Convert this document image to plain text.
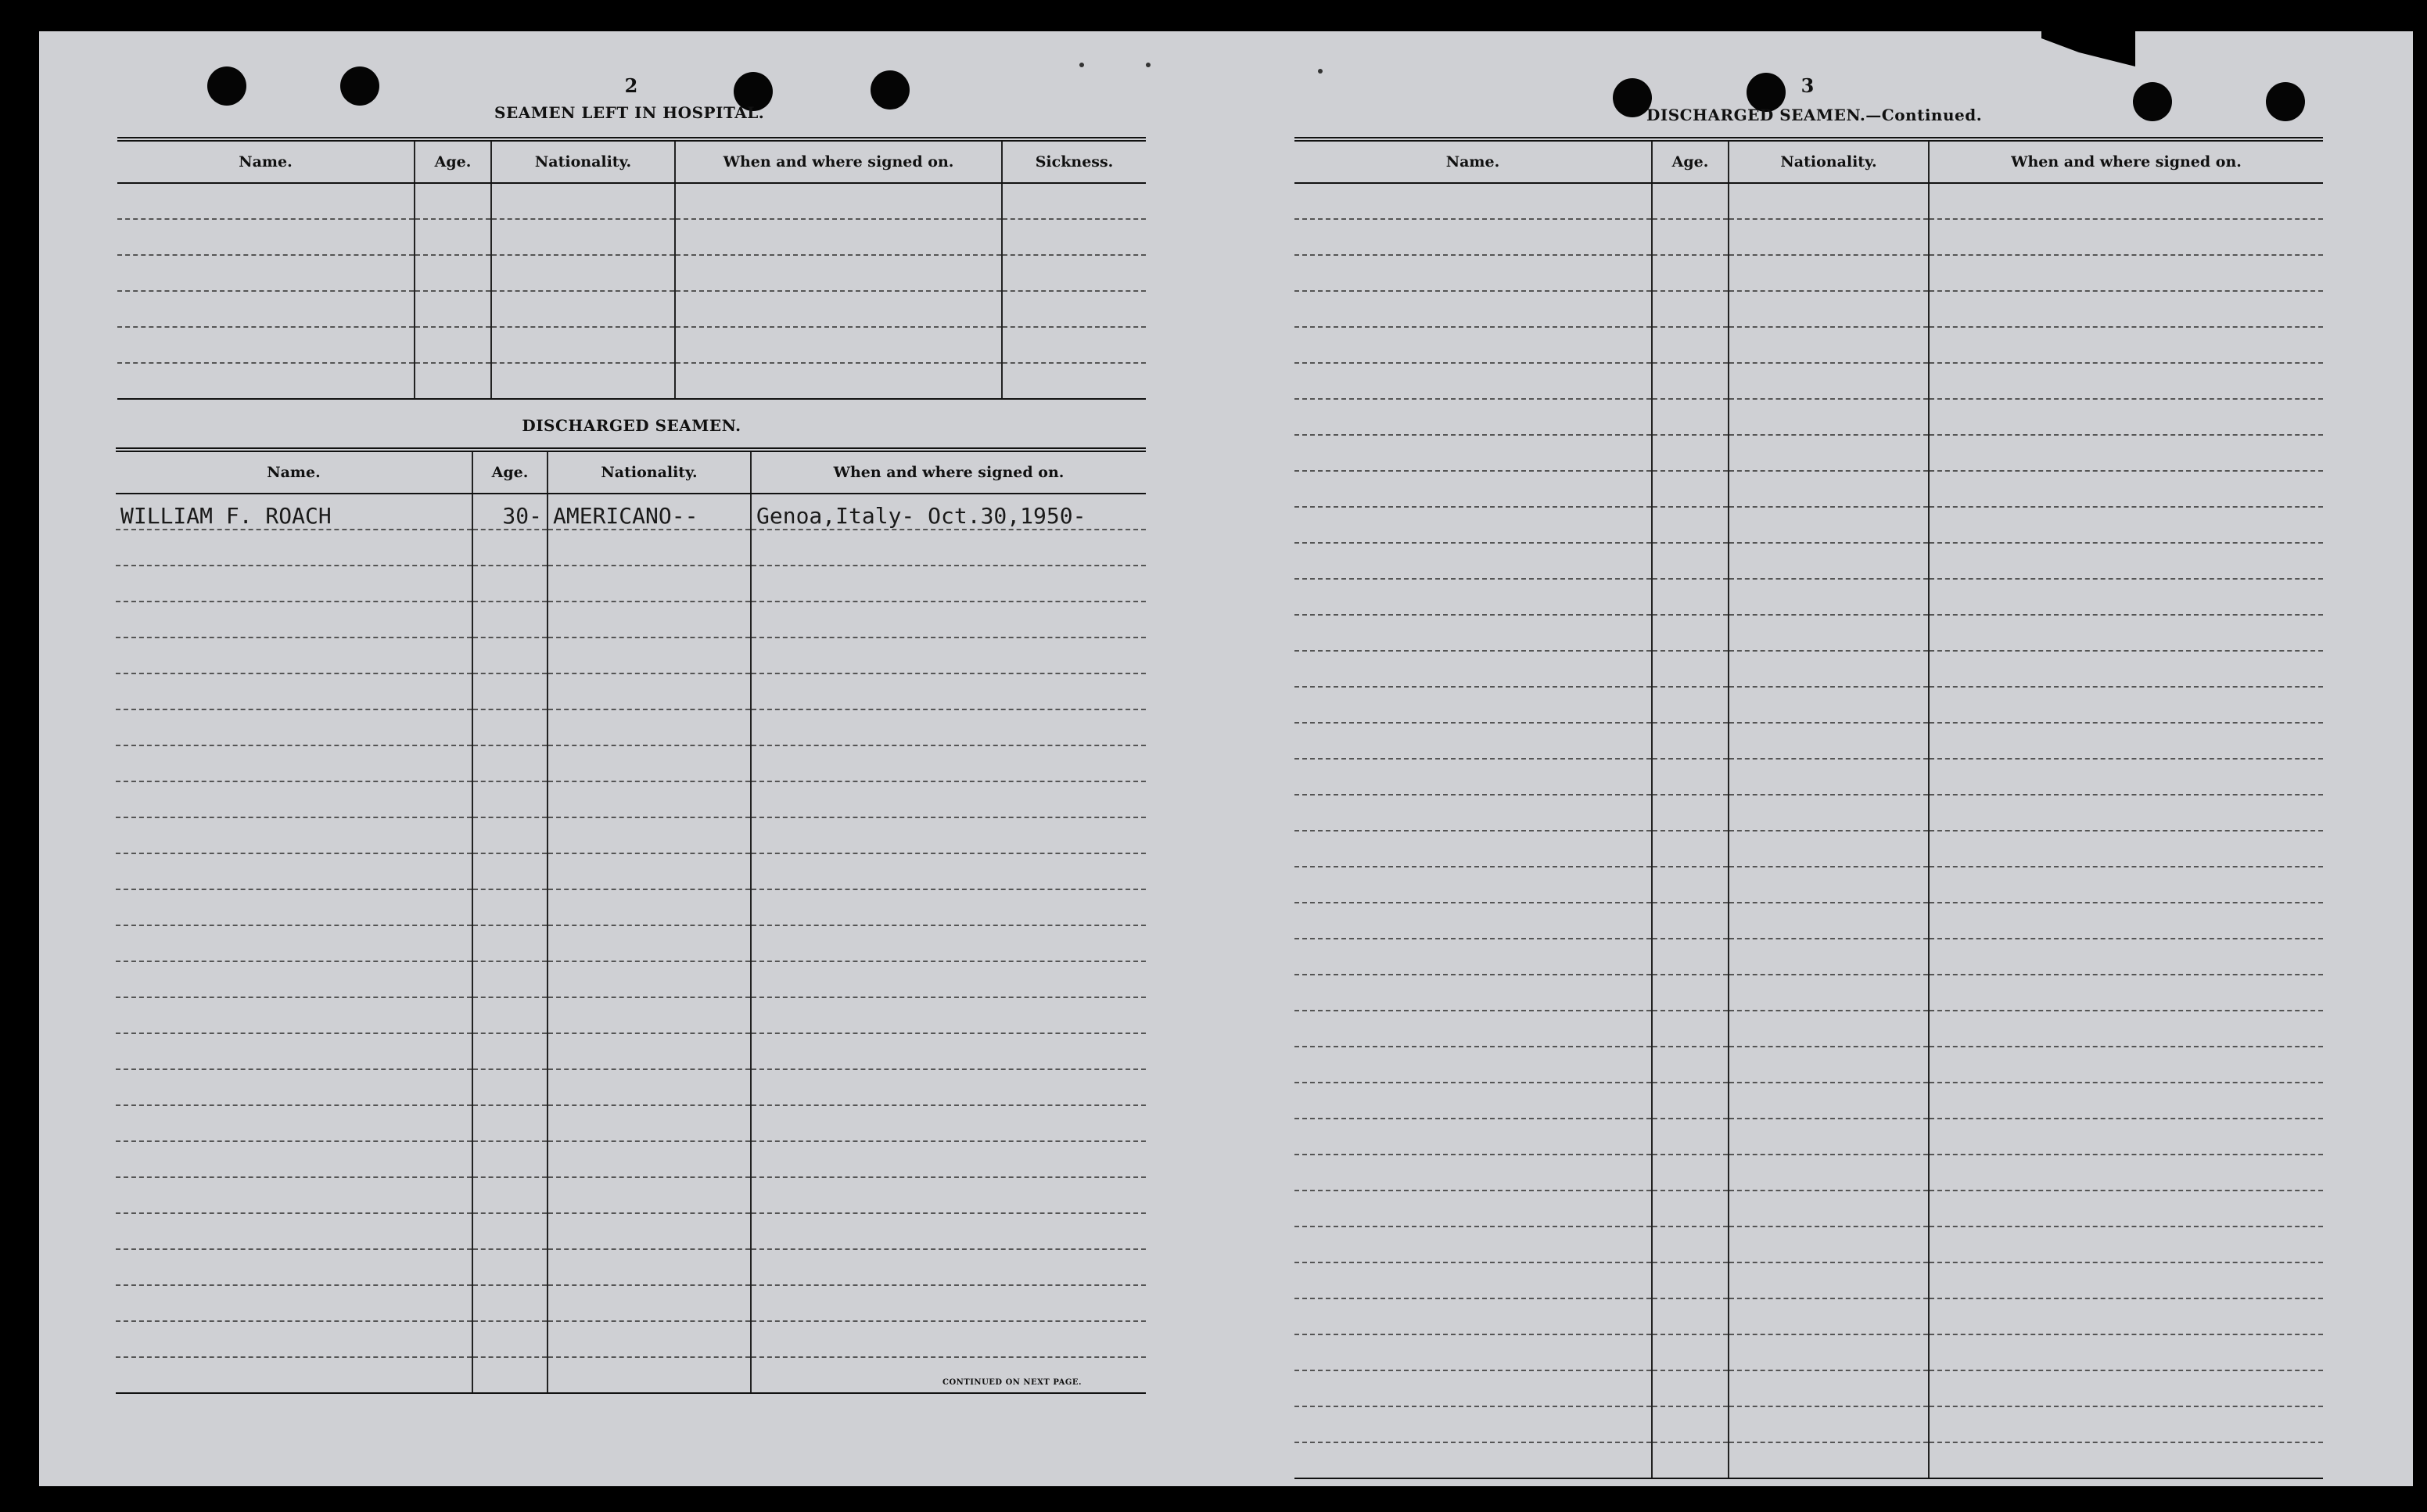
2
SEAMEN LEFT IN HOSPITAL.
Name.	Age.	Nationality.	When and where signed on.	Sickness.

DISCHARGED SEAMEN.
Name.	Age.	Nationality.	When and where signed on.
WILLIAM F. ROACH	30-	AMERICANO--	Genoa,Italy- Oct.30,1950-

CONTINUED ON NEXT PAGE.
3
DISCHARGED SEAMEN.—Continued.
Name.	Age.	Nationality.	When and where signed on.
